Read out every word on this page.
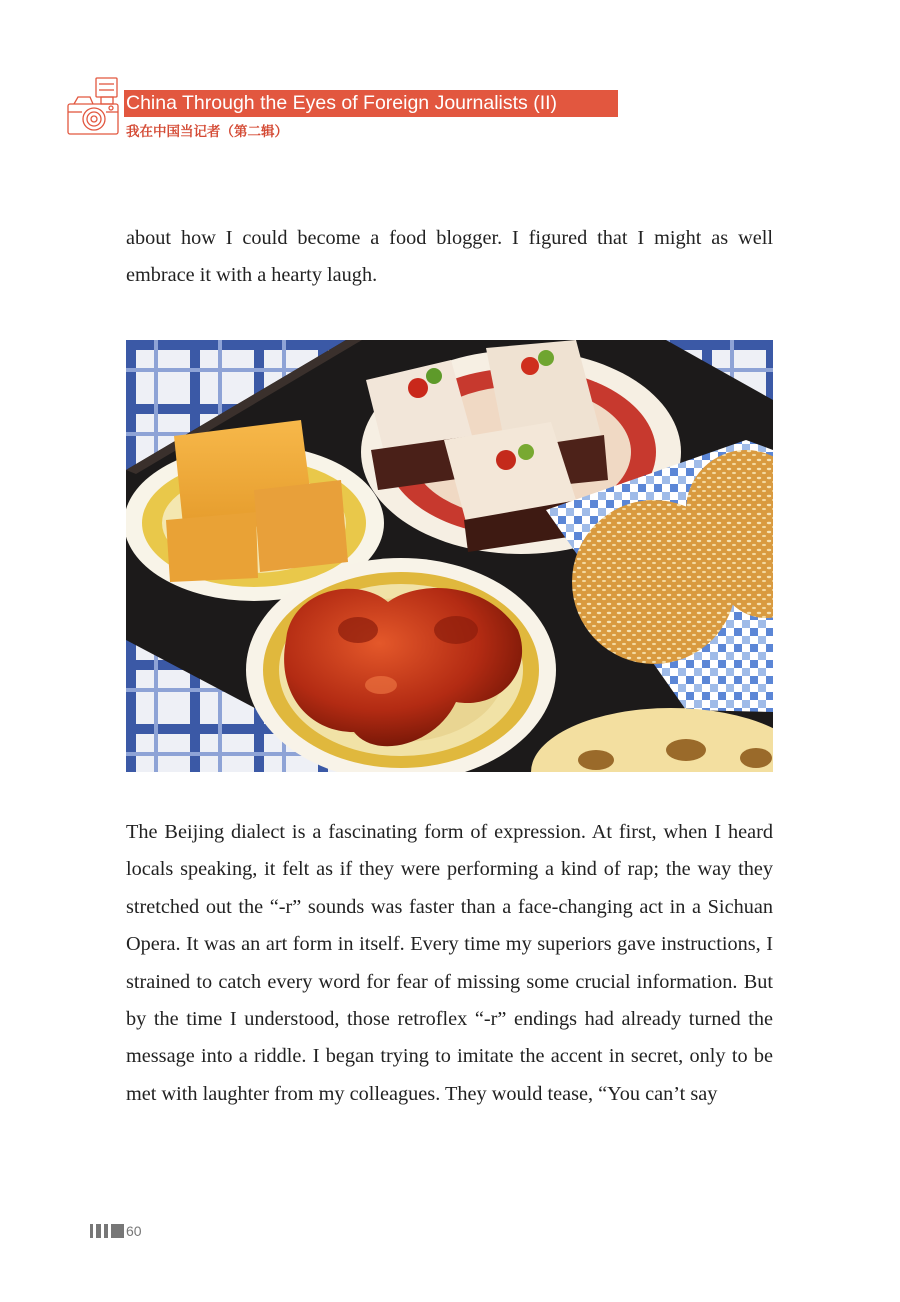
China Through the Eyes of Foreign Journalists (II)
我在中国当记者（第二辑）

about how I could become a food blogger. I figured that I might as well embrace it with a hearty laugh.

The Beijing dialect is a fascinating form of expression. At first, when I heard locals speaking, it felt as if they were performing a kind of rap; the way they stretched out the “-r” sounds was faster than a face-changing act in a Sichuan Opera. It was an art form in itself. Every time my superiors gave instructions, I strained to catch every word for fear of missing some crucial information. But by the time I understood, those retroflex “-r” endings had already turned the message into a riddle. I began trying to imitate the accent in secret, only to be met with laughter from my colleagues. They would tease, “You can’t say

60
